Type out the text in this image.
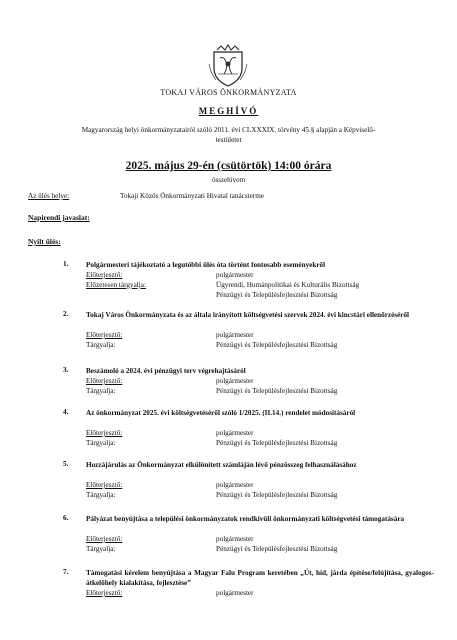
TOKAJ VÁROS ÖNKORMÁNYZATA
MEGHÍVÓ
Magyarország helyi önkormányzatairól szóló 2011. évi CLXXXIX. törvény 45.§ alapján a Képviselő-testületet
2025. május 29-én (csütörtök) 14:00 órára
összehívom
Az ülés helye:	Tokaji Közös Önkormányzati Hivatal tanácsterme
Napirendi javaslat:
Nyílt ülés:
1. Polgármesteri tájékoztató a legutóbbi ülés óta történt fontosabb eseményekről
Előterjesztő:	polgármester
Előzetesen tárgyalja:	Ügyrendi, Humánpolitikai és Kulturális Bizottság
Pénzügyi és Településfejlesztési Bizottság
2. Tokaj Város Önkormányzata és az általa irányított költségvetési szervek 2024. évi kincstári ellenőrzéséről
Előterjesztő:	polgármester
Tárgyalja:	Pénzügyi és Településfejlesztési Bizottság
3. Beszámoló a 2024. évi pénzügyi terv végrehajtásáról
Előterjesztő:	polgármester
Tárgyalja:	Pénzügyi és Településfejlesztési Bizottság
4. Az önkormányzat 2025. évi költségvetéséről szóló 1/2025. (II.14.) rendelet módosításáról
Előterjesztő:	polgármester
Tárgyalja:	Pénzügyi és Településfejlesztési Bizottság
5. Hozzájárulás az Önkormányzat elkülönített számláján lévő pénzösszeg felhasználásához
Előterjesztő:	polgármester
Tárgyalja:	Pénzügyi és Településfejlesztési Bizottság
6. Pályázat benyújtása a települési önkormányzatok rendkívüli önkormányzati költségvetési támogatására
Előterjesztő:	polgármester
Tárgyalja:	Pénzügyi és Településfejlesztési Bizottság
7. Támogatási kérelem benyújtása a Magyar Falu Program keretében „Út, híd, járda építése/felújítása, gyalogos-átkelőhely kialakítása, fejlesztése”
Előterjesztő:	polgármester
